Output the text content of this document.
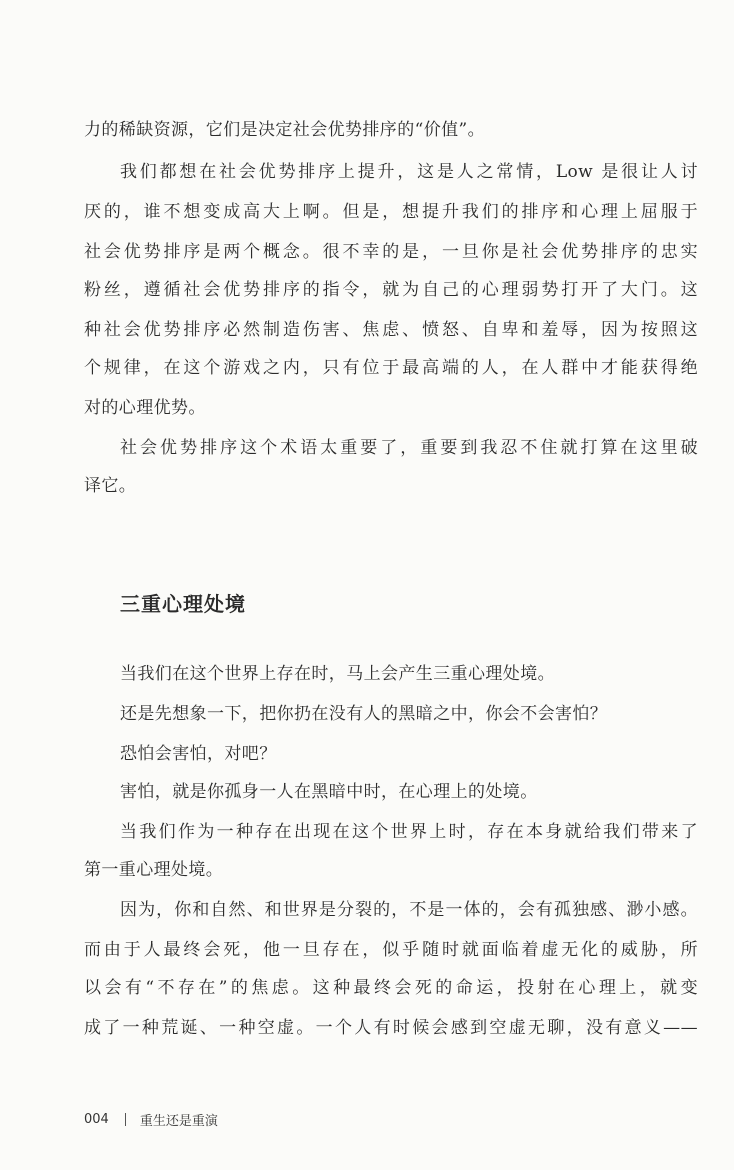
力的稀缺资源，它们是决定社会优势排序的“价值”。
我们都想在社会优势排序上提升，这是人之常情，Low 是很让人讨
厌的，谁不想变成高大上啊。但是，想提升我们的排序和心理上屈服于
社会优势排序是两个概念。很不幸的是，一旦你是社会优势排序的忠实
粉丝，遵循社会优势排序的指令，就为自己的心理弱势打开了大门。这
种社会优势排序必然制造伤害、焦虑、愤怒、自卑和羞辱，因为按照这
个规律，在这个游戏之内，只有位于最高端的人，在人群中才能获得绝
对的心理优势。
社会优势排序这个术语太重要了，重要到我忍不住就打算在这里破
译它。
三重心理处境
当我们在这个世界上存在时，马上会产生三重心理处境。
还是先想象一下，把你扔在没有人的黑暗之中，你会不会害怕？
恐怕会害怕，对吧？
害怕，就是你孤身一人在黑暗中时，在心理上的处境。
当我们作为一种存在出现在这个世界上时，存在本身就给我们带来了
第一重心理处境。
因为，你和自然、和世界是分裂的，不是一体的，会有孤独感、渺小感。
而由于人最终会死，他一旦存在，似乎随时就面临着虚无化的威胁，所
以会有“不存在”的焦虑。这种最终会死的命运，投射在心理上，就变
成了一种荒诞、一种空虚。一个人有时候会感到空虚无聊，没有意义——
004 重生还是重演
